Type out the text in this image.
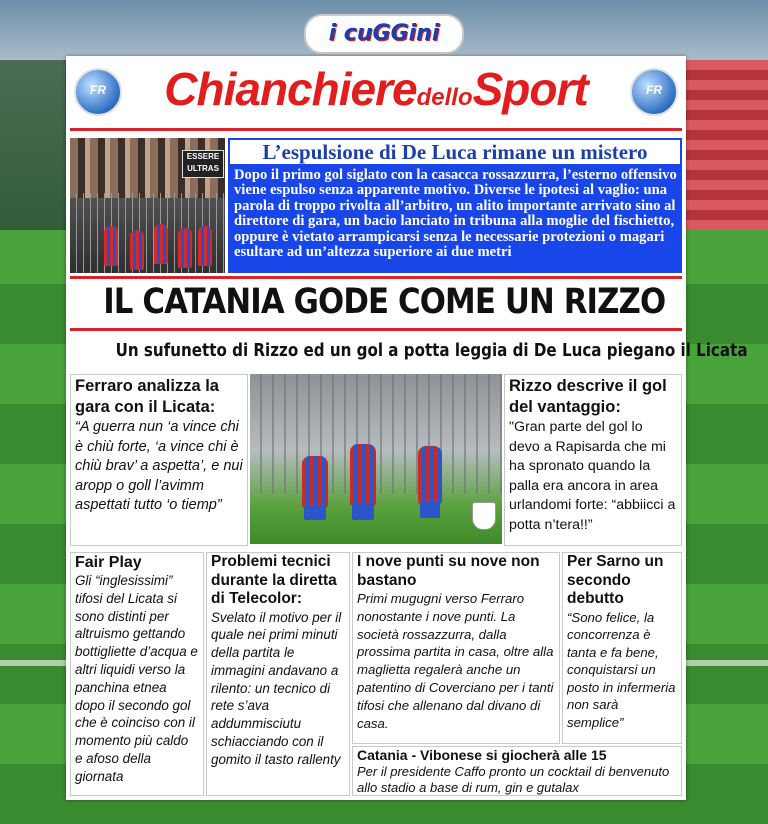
i cuGGini
FR	FR
ChianchieredelloSport
ESSERE ULTRAS
L’espulsione di De Luca rimane un mistero
Dopo il primo gol siglato con la casacca rossazzurra, l’esterno offensivo viene espulso senza apparente motivo. Diverse le ipotesi al vaglio: una parola di troppo rivolta all’arbitro, un alito importante arrivato sino al direttore di gara, un bacio lanciato in tribuna alla moglie del fischietto, oppure è vietato arrampicarsi senza le necessarie protezioni o magari esultare ad un’altezza superiore ai due metri
IL CATANIA GODE COME UN RIZZO
Un sufunetto di Rizzo ed un gol a potta leggia di De Luca piegano il Licata
Ferraro analizza la gara con il Licata:
“A guerra nun ‘a vince chi è chiù forte, ‘a vince chi è chiù brav’ a aspetta’, e nui aropp o goll l’avimm aspettati tutto ‘o tiemp”
Rizzo descrive il gol del vantaggio:
"Gran parte del gol lo devo a Rapisarda che mi ha spronato quando la palla era ancora in area urlandomi forte: “abbiicci a potta n’tera!!”
Fair Play
Gli “inglesissimi” tifosi del Licata si sono distinti per altruismo gettando bottigliette d’acqua e altri liquidi verso la panchina etnea dopo il secondo gol che è coinciso con il momento più caldo e afoso della giornata
Problemi tecnici durante la diretta di Telecolor:
Svelato il motivo per il quale nei primi minuti della partita le immagini andavano a rilento: un tecnico di rete s’ava addummisciutu schiacciando con il gomito il tasto rallenty
I nove punti su nove non bastano
Primi mugugni verso Ferraro nonostante i nove punti. La società rossazzurra, dalla prossima partita in casa, oltre alla maglietta regalerà anche un patentino di Coverciano per i tanti tifosi che allenano dal divano di casa.
Per Sarno un secondo debutto
“Sono felice, la concorrenza è tanta e fa bene, conquistarsi un posto in infermeria non sarà semplice”
Catania - Vibonese si giocherà alle 15
Per il presidente Caffo pronto un cocktail di benvenuto allo stadio a base di rum, gin e gutalax
